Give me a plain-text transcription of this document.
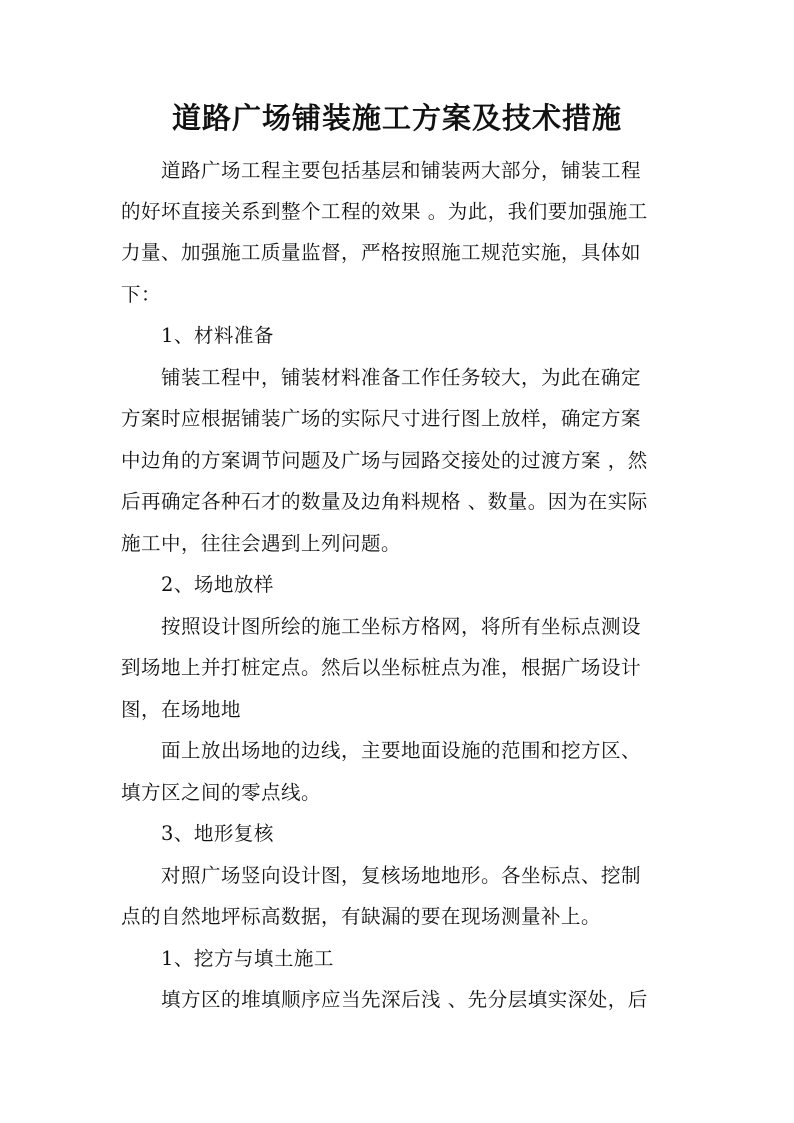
道路广场铺装施工方案及技术措施
道路广场工程主要包括基层和铺装两大部分，铺装工程
的好坏直接关系到整个工程的效果 。为此，我们要加强施工
力量、加强施工质量监督，严格按照施工规范实施，具体如
下：
1、材料准备
铺装工程中，铺装材料准备工作任务较大，为此在确定
方案时应根据铺装广场的实际尺寸进行图上放样，确定方案
中边角的方案调节问题及广场与园路交接处的过渡方案 ，然
后再确定各种石才的数量及边角料规格 、数量。因为在实际
施工中，往往会遇到上列问题。
2、场地放样
按照设计图所绘的施工坐标方格网，将所有坐标点测设
到场地上并打桩定点。然后以坐标桩点为准，根据广场设计
图，在场地地
面上放出场地的边线，主要地面设施的范围和挖方区、
填方区之间的零点线。
3、地形复核
对照广场竖向设计图，复核场地地形。各坐标点、挖制
点的自然地坪标高数据，有缺漏的要在现场测量补上。
1、挖方与填土施工
填方区的堆填顺序应当先深后浅 、先分层填实深处，后
